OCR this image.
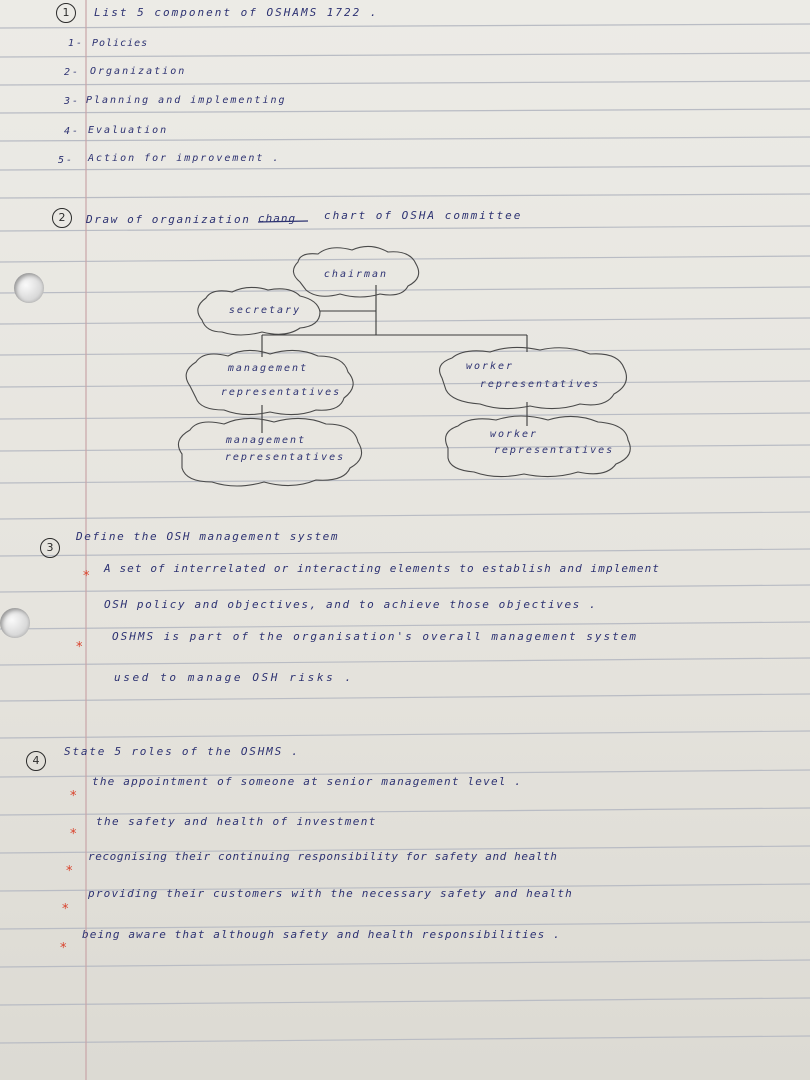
1	List 5 component of OSHAMS 1722 .
1- Policies
2- Organization
3- Planning and implementing
4- Evaluation
5- Action for improvement .
2	Draw of organization chang	chart of OSHA committee
chairman
secretary
management
representatives
worker
representatives
management
representatives
worker
representatives
3
Define the OSH management system
*
A set of interrelated or interacting elements to establish and implement
OSH policy and objectives, and to achieve those objectives .
*
OSHMS is part of the organisation's overall management system
used to manage OSH risks .
4
State 5 roles of the OSHMS .
*
the appointment of someone at senior management level .
*
the safety and health of investment
*
recognising their continuing responsibility for safety and health
*
providing their customers with the necessary safety and health
*
being aware that although safety and health responsibilities .
